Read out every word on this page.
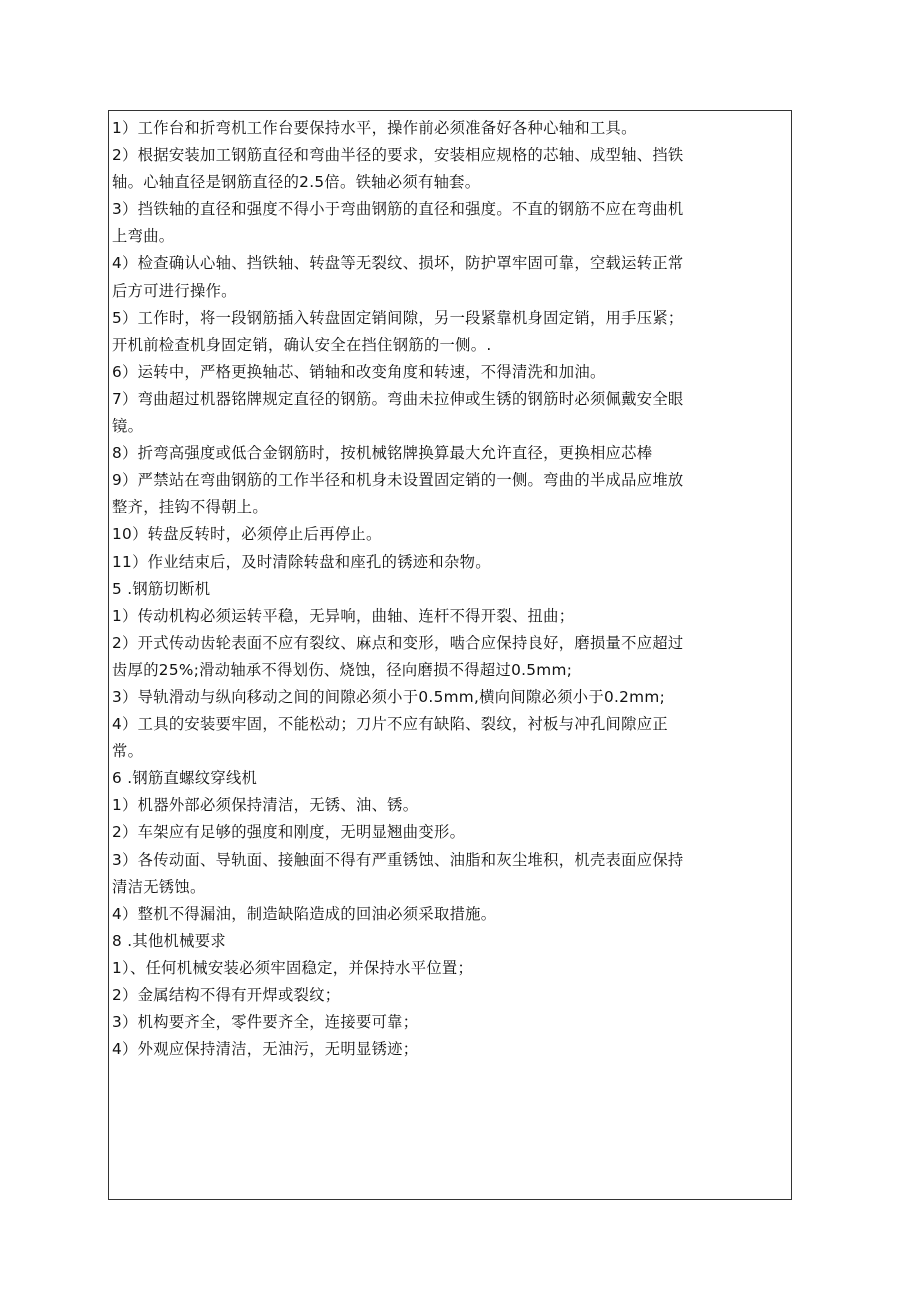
1）工作台和折弯机工作台要保持水平，操作前必须准备好各种心轴和工具。
2）根据安装加工钢筋直径和弯曲半径的要求，安装相应规格的芯轴、成型轴、挡铁
轴。心轴直径是钢筋直径的2.5倍。铁轴必须有轴套。
3）挡铁轴的直径和强度不得小于弯曲钢筋的直径和强度。不直的钢筋不应在弯曲机
上弯曲。
4）检查确认心轴、挡铁轴、转盘等无裂纹、损坏，防护罩牢固可靠，空载运转正常
后方可进行操作。
5）工作时，将一段钢筋插入转盘固定销间隙，另一段紧靠机身固定销，用手压紧；
开机前检查机身固定销，确认安全在挡住钢筋的一侧。.
6）运转中，严格更换轴芯、销轴和改变角度和转速，不得清洗和加油。
7）弯曲超过机器铭牌规定直径的钢筋。弯曲未拉伸或生锈的钢筋时必须佩戴安全眼
镜。
8）折弯高强度或低合金钢筋时，按机械铭牌换算最大允许直径，更换相应芯棒
9）严禁站在弯曲钢筋的工作半径和机身未设置固定销的一侧。弯曲的半成品应堆放
整齐，挂钩不得朝上。
10）转盘反转时，必须停止后再停止。
11）作业结束后，及时清除转盘和座孔的锈迹和杂物。
5 .钢筋切断机
1）传动机构必须运转平稳，无异响，曲轴、连杆不得开裂、扭曲；
2）开式传动齿轮表面不应有裂纹、麻点和变形，啮合应保持良好，磨损量不应超过
齿厚的25%;滑动轴承不得划伤、烧蚀，径向磨损不得超过0.5mm;
3）导轨滑动与纵向移动之间的间隙必须小于0.5mm,横向间隙必须小于0.2mm;
4）工具的安装要牢固，不能松动；刀片不应有缺陷、裂纹，衬板与冲孔间隙应正
常。
6 .钢筋直螺纹穿线机
1）机器外部必须保持清洁，无锈、油、锈。
2）车架应有足够的强度和刚度，无明显翘曲变形。
3）各传动面、导轨面、接触面不得有严重锈蚀、油脂和灰尘堆积，机壳表面应保持
清洁无锈蚀。
4）整机不得漏油，制造缺陷造成的回油必须采取措施。
8 .其他机械要求
1）、任何机械安装必须牢固稳定，并保持水平位置；
2）金属结构不得有开焊或裂纹；
3）机构要齐全，零件要齐全，连接要可靠；
4）外观应保持清洁，无油污，无明显锈迹；
